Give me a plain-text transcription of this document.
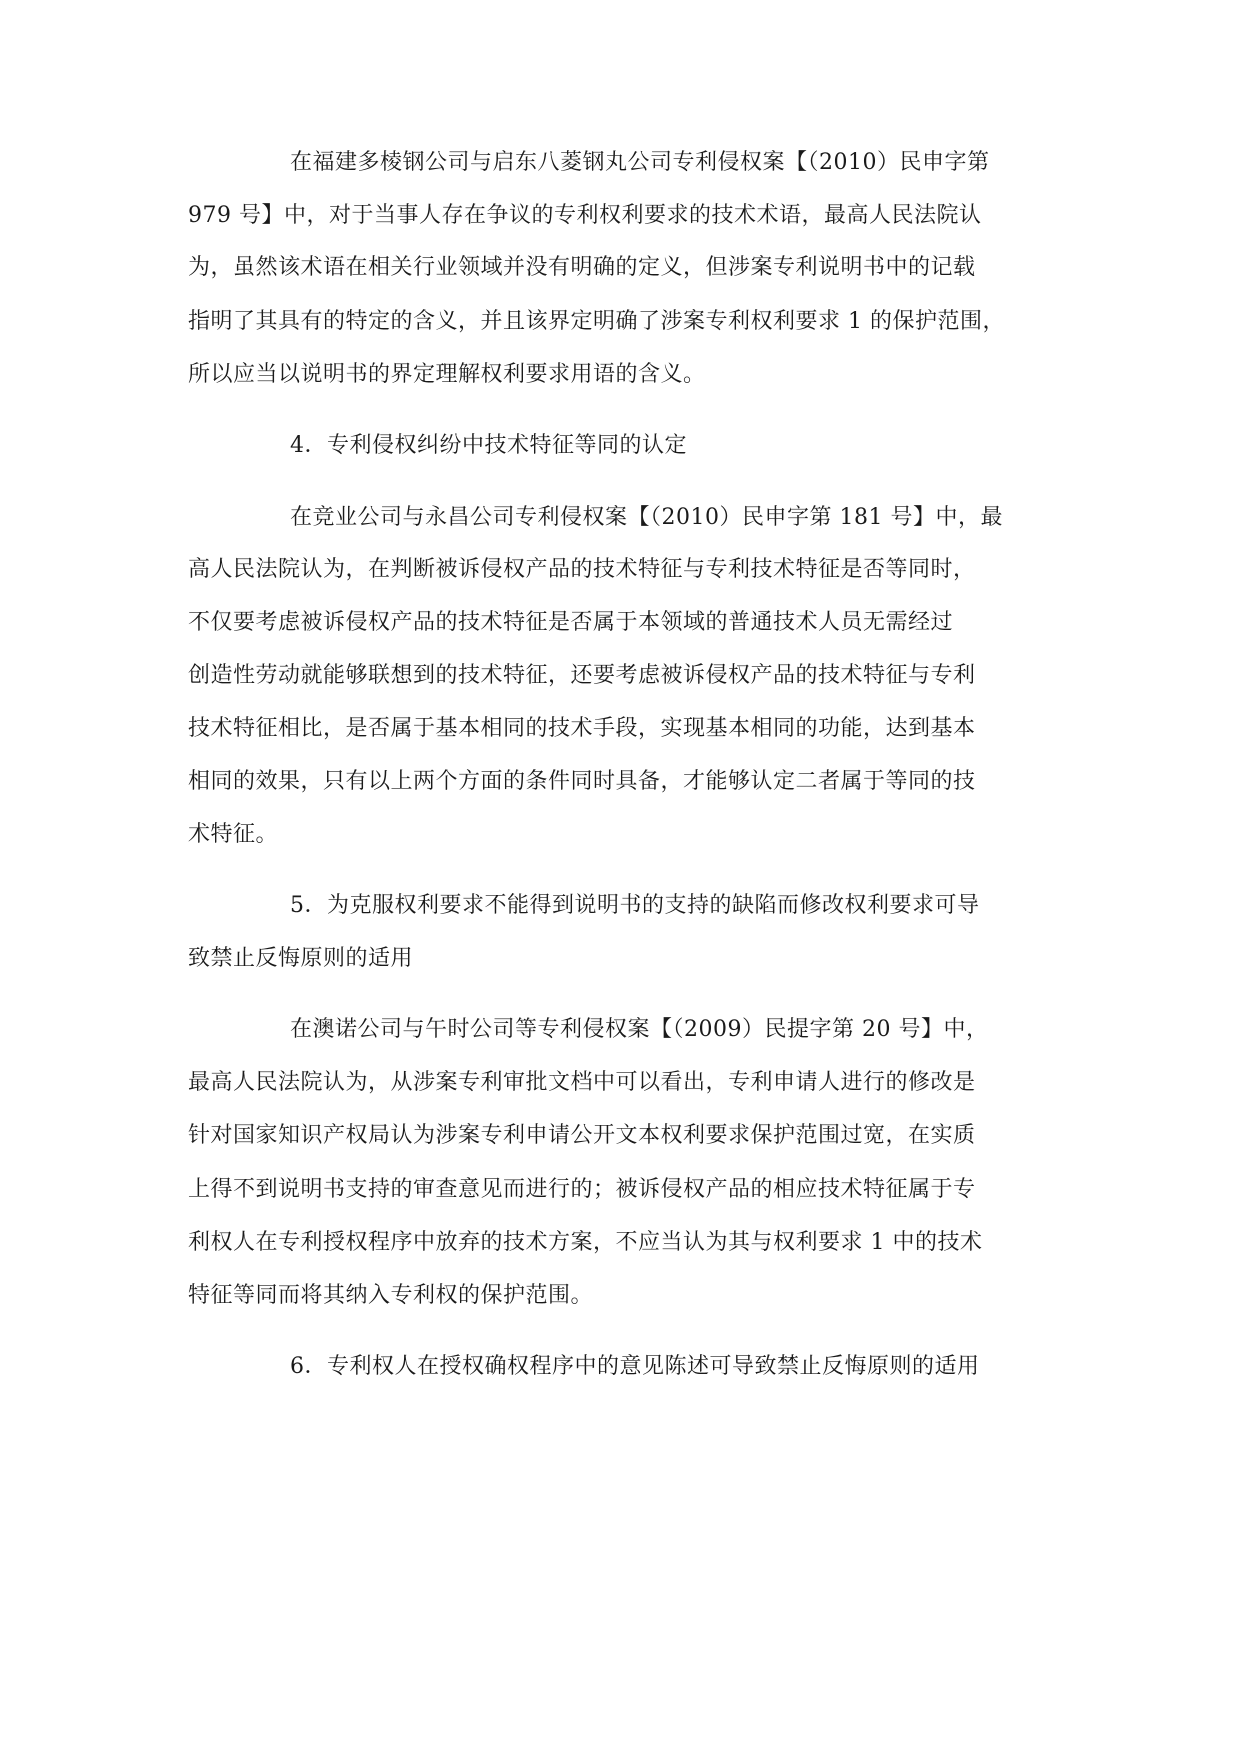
在福建多棱钢公司与启东八菱钢丸公司专利侵权案【（2010）民申字第
979 号】中，对于当事人存在争议的专利权利要求的技术术语，最高人民法院认
为，虽然该术语在相关行业领域并没有明确的定义，但涉案专利说明书中的记载
指明了其具有的特定的含义，并且该界定明确了涉案专利权利要求 1 的保护范围，
所以应当以说明书的界定理解权利要求用语的含义。
4．专利侵权纠纷中技术特征等同的认定
在竞业公司与永昌公司专利侵权案【（2010）民申字第 181 号】中，最
高人民法院认为，在判断被诉侵权产品的技术特征与专利技术特征是否等同时，
不仅要考虑被诉侵权产品的技术特征是否属于本领域的普通技术人员无需经过
创造性劳动就能够联想到的技术特征，还要考虑被诉侵权产品的技术特征与专利
技术特征相比，是否属于基本相同的技术手段，实现基本相同的功能，达到基本
相同的效果，只有以上两个方面的条件同时具备，才能够认定二者属于等同的技
术特征。
5．为克服权利要求不能得到说明书的支持的缺陷而修改权利要求可导
致禁止反悔原则的适用
在澳诺公司与午时公司等专利侵权案【（2009）民提字第 20 号】中，
最高人民法院认为，从涉案专利审批文档中可以看出，专利申请人进行的修改是
针对国家知识产权局认为涉案专利申请公开文本权利要求保护范围过宽，在实质
上得不到说明书支持的审查意见而进行的；被诉侵权产品的相应技术特征属于专
利权人在专利授权程序中放弃的技术方案，不应当认为其与权利要求 1 中的技术
特征等同而将其纳入专利权的保护范围。
6．专利权人在授权确权程序中的意见陈述可导致禁止反悔原则的适用
